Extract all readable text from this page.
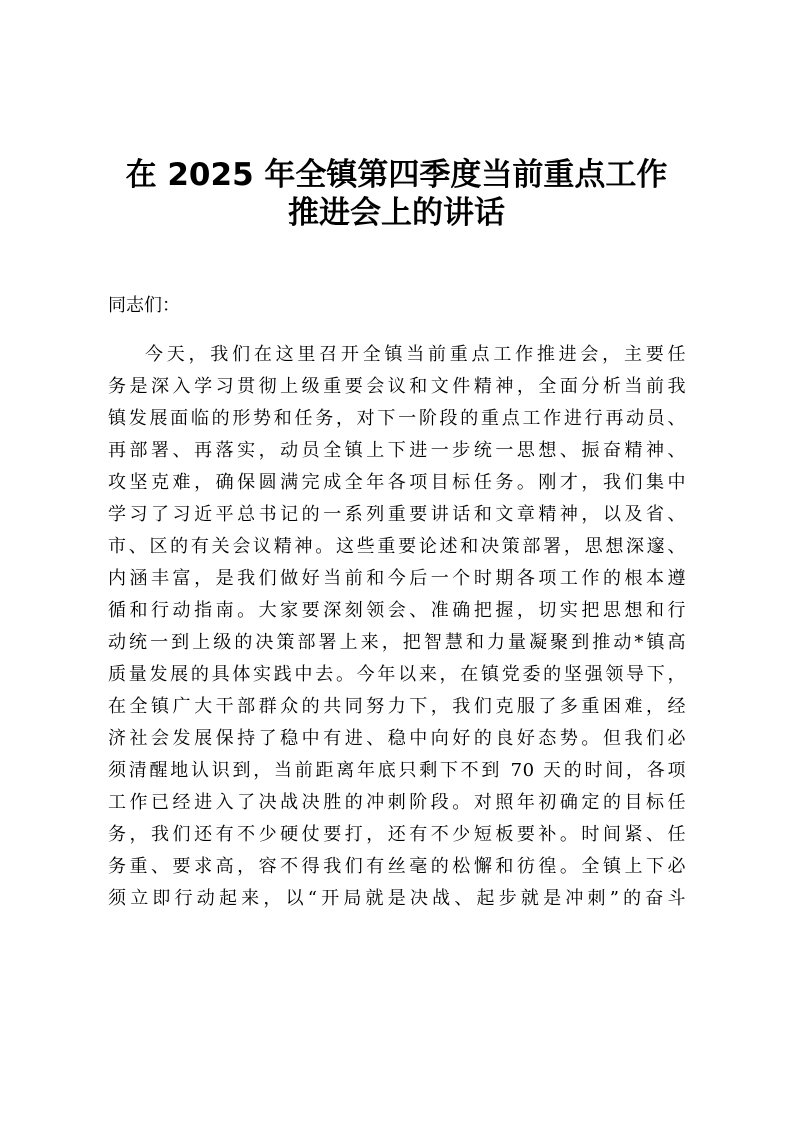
在 2025 年全镇第四季度当前重点工作
推进会上的讲话
同志们：
今天，我们在这里召开全镇当前重点工作推进会，主要任
务是深入学习贯彻上级重要会议和文件精神，全面分析当前我
镇发展面临的形势和任务，对下一阶段的重点工作进行再动员、
再部署、再落实，动员全镇上下进一步统一思想、振奋精神、
攻坚克难，确保圆满完成全年各项目标任务。刚才，我们集中
学习了习近平总书记的一系列重要讲话和文章精神，以及省、
市、区的有关会议精神。这些重要论述和决策部署，思想深邃、
内涵丰富，是我们做好当前和今后一个时期各项工作的根本遵
循和行动指南。大家要深刻领会、准确把握，切实把思想和行
动统一到上级的决策部署上来，把智慧和力量凝聚到推动*镇高
质量发展的具体实践中去。今年以来，在镇党委的坚强领导下，
在全镇广大干部群众的共同努力下，我们克服了多重困难，经
济社会发展保持了稳中有进、稳中向好的良好态势。但我们必
须清醒地认识到，当前距离年底只剩下不到 70 天的时间，各项
工作已经进入了决战决胜的冲刺阶段。对照年初确定的目标任
务，我们还有不少硬仗要打，还有不少短板要补。时间紧、任
务重、要求高，容不得我们有丝毫的松懈和彷徨。全镇上下必
须立即行动起来，以“开局就是决战、起步就是冲刺”的奋斗
